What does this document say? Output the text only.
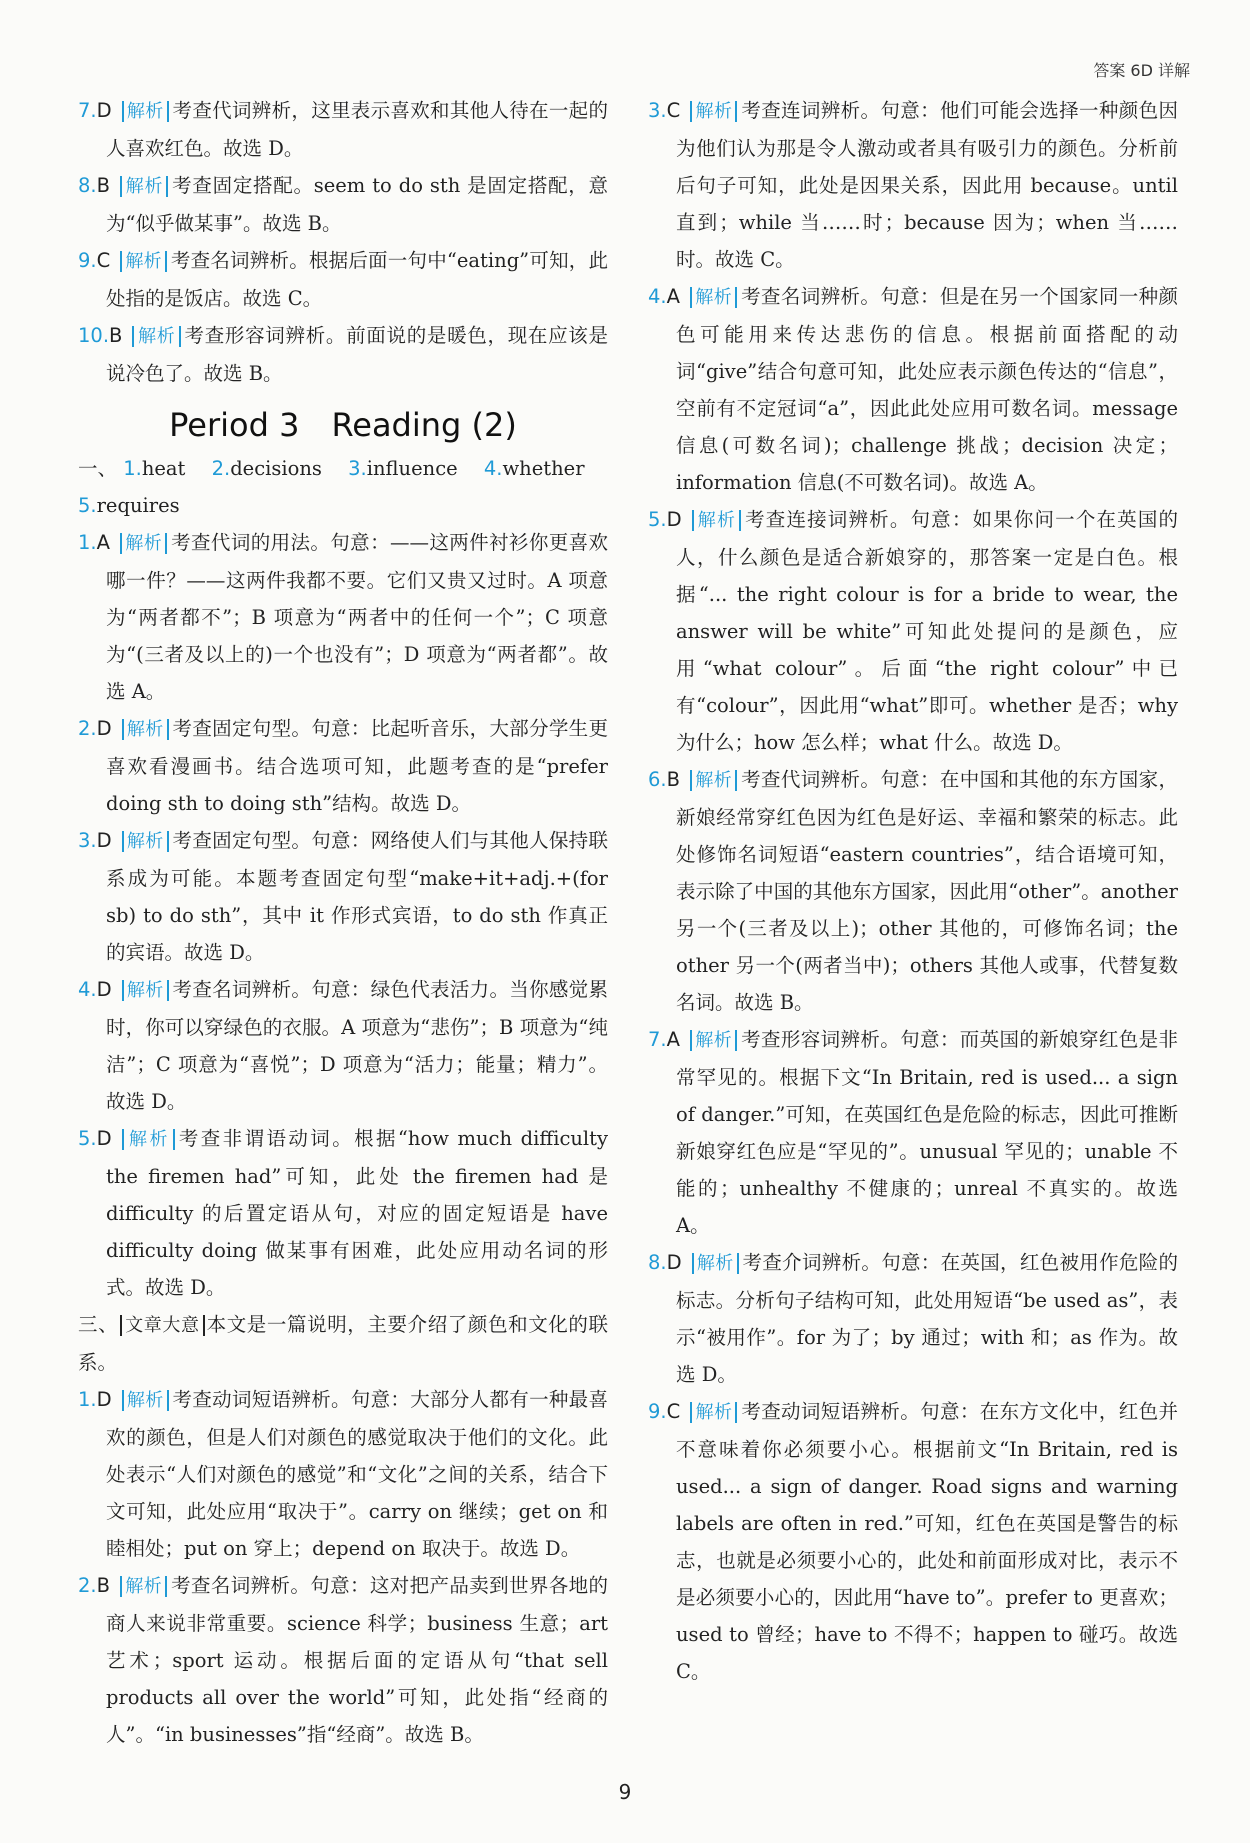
答案 6D 详解

7.D 解析 考查代词辨析，这里表示喜欢和其他人待在一起的人喜欢红色。故选 D。

8.B 解析 考查固定搭配。seem to do sth 是固定搭配，意为“似乎做某事”。故选 B。

9.C 解析 考查名词辨析。根据后面一句中“eating”可知，此处指的是饭店。故选 C。

10.B 解析 考查形容词辨析。前面说的是暖色，现在应该是说冷色了。故选 B。

Period 3　Reading (2)
一、 1.heat 2.decisions 3.influence 4.whether
5.requires

1.A 解析 考查代词的用法。句意：——这两件衬衫你更喜欢哪一件？——这两件我都不要。它们又贵又过时。A 项意为“两者都不”；B 项意为“两者中的任何一个”；C 项意为“(三者及以上的)一个也没有”；D 项意为“两者都”。故选 A。

2.D 解析 考查固定句型。句意：比起听音乐，大部分学生更喜欢看漫画书。结合选项可知，此题考查的是“prefer doing sth to doing sth”结构。故选 D。

3.D 解析 考查固定句型。句意：网络使人们与其他人保持联系成为可能。本题考查固定句型“make+it+adj.+(for sb) to do sth”，其中 it 作形式宾语，to do sth 作真正的宾语。故选 D。

4.D 解析 考查名词辨析。句意：绿色代表活力。当你感觉累时，你可以穿绿色的衣服。A 项意为“悲伤”；B 项意为“纯洁”；C 项意为“喜悦”；D 项意为“活力；能量；精力”。故选 D。

5.D 解析 考查非谓语动词。根据“how much difficulty the firemen had”可知，此处 the firemen had 是 difficulty 的后置定语从句，对应的固定短语是 have difficulty doing 做某事有困难，此处应用动名词的形式。故选 D。

三、 文章大意 本文是一篇说明，主要介绍了颜色和文化的联系。

1.D 解析 考查动词短语辨析。句意：大部分人都有一种最喜欢的颜色，但是人们对颜色的感觉取决于他们的文化。此处表示“人们对颜色的感觉”和“文化”之间的关系，结合下文可知，此处应用“取决于”。carry on 继续；get on 和睦相处；put on 穿上；depend on 取决于。故选 D。

2.B 解析 考查名词辨析。句意：这对把产品卖到世界各地的商人来说非常重要。science 科学；business 生意；art 艺术；sport 运动。根据后面的定语从句“that sell products all over the world”可知，此处指“经商的人”。“in businesses”指“经商”。故选 B。

3.C 解析 考查连词辨析。句意：他们可能会选择一种颜色因为他们认为那是令人激动或者具有吸引力的颜色。分析前后句子可知，此处是因果关系，因此用 because。until 直到；while 当……时；because 因为；when 当……时。故选 C。

4.A 解析 考查名词辨析。句意：但是在另一个国家同一种颜色可能用来传达悲伤的信息。根据前面搭配的动词“give”结合句意可知，此处应表示颜色传达的“信息”，空前有不定冠词“a”，因此此处应用可数名词。message 信息(可数名词)；challenge 挑战；decision 决定；information 信息(不可数名词)。故选 A。

5.D 解析 考查连接词辨析。句意：如果你问一个在英国的人，什么颜色是适合新娘穿的，那答案一定是白色。根据“... the right colour is for a bride to wear, the answer will be white”可知此处提问的是颜色，应用“what colour”。后面“the right colour”中已有“colour”，因此用“what”即可。whether 是否；why 为什么；how 怎么样；what 什么。故选 D。

6.B 解析 考查代词辨析。句意：在中国和其他的东方国家，新娘经常穿红色因为红色是好运、幸福和繁荣的标志。此处修饰名词短语“eastern countries”，结合语境可知，表示除了中国的其他东方国家，因此用“other”。another 另一个(三者及以上)；other 其他的，可修饰名词；the other 另一个(两者当中)；others 其他人或事，代替复数名词。故选 B。

7.A 解析 考查形容词辨析。句意：而英国的新娘穿红色是非常罕见的。根据下文“In Britain, red is used... a sign of danger.”可知，在英国红色是危险的标志，因此可推断新娘穿红色应是“罕见的”。unusual 罕见的；unable 不能的；unhealthy 不健康的；unreal 不真实的。故选 A。

8.D 解析 考查介词辨析。句意：在英国，红色被用作危险的标志。分析句子结构可知，此处用短语“be used as”，表示“被用作”。for 为了；by 通过；with 和；as 作为。故选 D。

9.C 解析 考查动词短语辨析。句意：在东方文化中，红色并不意味着你必须要小心。根据前文“In Britain, red is used... a sign of danger. Road signs and warning labels are often in red.”可知，红色在英国是警告的标志，也就是必须要小心的，此处和前面形成对比，表示不是必须要小心的，因此用“have to”。prefer to 更喜欢；used to 曾经；have to 不得不；happen to 碰巧。故选 C。

9
